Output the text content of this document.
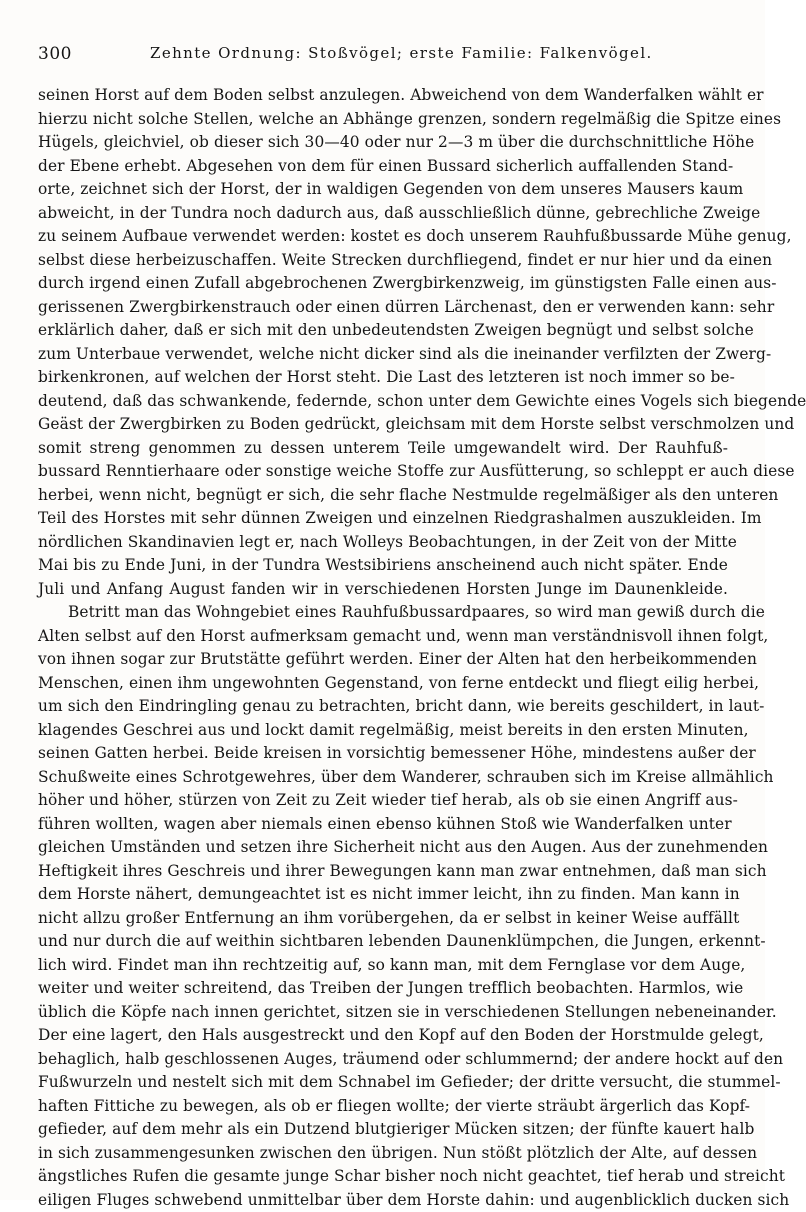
300	Zehnte Ordnung: Stoßvögel; erste Familie: Falkenvögel.
seinen Horst auf dem Boden selbst anzulegen. Abweichend von dem Wanderfalken wählt er
hierzu nicht solche Stellen, welche an Abhänge grenzen, sondern regelmäßig die Spitze eines
Hügels, gleichviel, ob dieser sich 30—40 oder nur 2—3 m über die durchschnittliche Höhe
der Ebene erhebt. Abgesehen von dem für einen Bussard sicherlich auffallenden Stand-
orte, zeichnet sich der Horst, der in waldigen Gegenden von dem unseres Mausers kaum
abweicht, in der Tundra noch dadurch aus, daß ausschließlich dünne, gebrechliche Zweige
zu seinem Aufbaue verwendet werden: kostet es doch unserem Rauhfußbussarde Mühe genug,
selbst diese herbeizuschaffen. Weite Strecken durchfliegend, findet er nur hier und da einen
durch irgend einen Zufall abgebrochenen Zwergbirkenzweig, im günstigsten Falle einen aus-
gerissenen Zwergbirkenstrauch oder einen dürren Lärchenast, den er verwenden kann: sehr
erklärlich daher, daß er sich mit den unbedeutendsten Zweigen begnügt und selbst solche
zum Unterbaue verwendet, welche nicht dicker sind als die ineinander verfilzten der Zwerg-
birkenkronen, auf welchen der Horst steht. Die Last des letzteren ist noch immer so be-
deutend, daß das schwankende, federnde, schon unter dem Gewichte eines Vogels sich biegende
Geäst der Zwergbirken zu Boden gedrückt, gleichsam mit dem Horste selbst verschmolzen und
somit streng genommen zu dessen unterem Teile umgewandelt wird. Der Rauhfuß-
bussard Renntierhaare oder sonstige weiche Stoffe zur Ausfütterung, so schleppt er auch diese
herbei, wenn nicht, begnügt er sich, die sehr flache Nestmulde regelmäßiger als den unteren
Teil des Horstes mit sehr dünnen Zweigen und einzelnen Riedgrashalmen auszukleiden. Im
nördlichen Skandinavien legt er, nach Wolleys Beobachtungen, in der Zeit von der Mitte
Mai bis zu Ende Juni, in der Tundra Westsibiriens anscheinend auch nicht später. Ende
Juli und Anfang August fanden wir in verschiedenen Horsten Junge im Daunenkleide.
Betritt man das Wohngebiet eines Rauhfußbussardpaares, so wird man gewiß durch die
Alten selbst auf den Horst aufmerksam gemacht und, wenn man verständnisvoll ihnen folgt,
von ihnen sogar zur Brutstätte geführt werden. Einer der Alten hat den herbeikommenden
Menschen, einen ihm ungewohnten Gegenstand, von ferne entdeckt und fliegt eilig herbei,
um sich den Eindringling genau zu betrachten, bricht dann, wie bereits geschildert, in laut-
klagendes Geschrei aus und lockt damit regelmäßig, meist bereits in den ersten Minuten,
seinen Gatten herbei. Beide kreisen in vorsichtig bemessener Höhe, mindestens außer der
Schußweite eines Schrotgewehres, über dem Wanderer, schrauben sich im Kreise allmählich
höher und höher, stürzen von Zeit zu Zeit wieder tief herab, als ob sie einen Angriff aus-
führen wollten, wagen aber niemals einen ebenso kühnen Stoß wie Wanderfalken unter
gleichen Umständen und setzen ihre Sicherheit nicht aus den Augen. Aus der zunehmenden
Heftigkeit ihres Geschreis und ihrer Bewegungen kann man zwar entnehmen, daß man sich
dem Horste nähert, demungeachtet ist es nicht immer leicht, ihn zu finden. Man kann in
nicht allzu großer Entfernung an ihm vorübergehen, da er selbst in keiner Weise auffällt
und nur durch die auf weithin sichtbaren lebenden Daunenklümpchen, die Jungen, erkennt-
lich wird. Findet man ihn rechtzeitig auf, so kann man, mit dem Fernglase vor dem Auge,
weiter und weiter schreitend, das Treiben der Jungen trefflich beobachten. Harmlos, wie
üblich die Köpfe nach innen gerichtet, sitzen sie in verschiedenen Stellungen nebeneinander.
Der eine lagert, den Hals ausgestreckt und den Kopf auf den Boden der Horstmulde gelegt,
behaglich, halb geschlossenen Auges, träumend oder schlummernd; der andere hockt auf den
Fußwurzeln und nestelt sich mit dem Schnabel im Gefieder; der dritte versucht, die stummel-
haften Fittiche zu bewegen, als ob er fliegen wollte; der vierte sträubt ärgerlich das Kopf-
gefieder, auf dem mehr als ein Dutzend blutgieriger Mücken sitzen; der fünfte kauert halb
in sich zusammengesunken zwischen den übrigen. Nun stößt plötzlich der Alte, auf dessen
ängstliches Rufen die gesamte junge Schar bisher noch nicht geachtet, tief herab und streicht
eiligen Fluges schwebend unmittelbar über dem Horste dahin: und augenblicklich ducken sich
